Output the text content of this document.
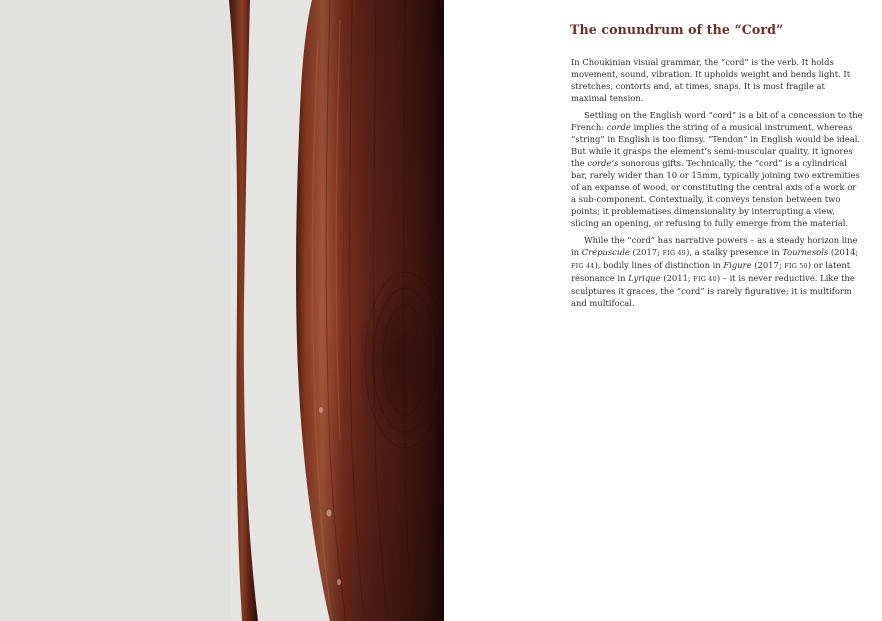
The conundrum of the “Cord”

In Choukinian visual grammar, the “cord” is the verb. It holds movement, sound, vibration. It upholds weight and bends light. It stretches, contorts and, at times, snaps. It is most fragile at maximal tension.

Settling on the English word “cord” is a bit of a concession to the French: corde implies the string of a musical instrument, whereas “string” in English is too flimsy. “Tendon” in English would be ideal. But while it grasps the element’s semi-muscular quality, it ignores the corde’s sonorous gifts. Technically, the “cord” is a cylindrical bar, rarely wider than 10 or 15mm, typically joining two extremities of an expanse of wood, or constituting the central axis of a work or a sub-component. Contextually, it conveys tension between two points; it problematises dimensionality by interrupting a view, slicing an opening, or refusing to fully emerge from the material.

While the “cord” has narrative powers – as a steady horizon line in Crépuscule (2017; FIG 49), a stalky presence in Tournesols (2014; FIG 44), bodily lines of distinction in Figure (2017; FIG 50) or latent resonance in Lyrique (2011; FIG 40) – it is never reductive. Like the sculptures it graces, the “cord” is rarely figurative; it is multiform and multifocal.
